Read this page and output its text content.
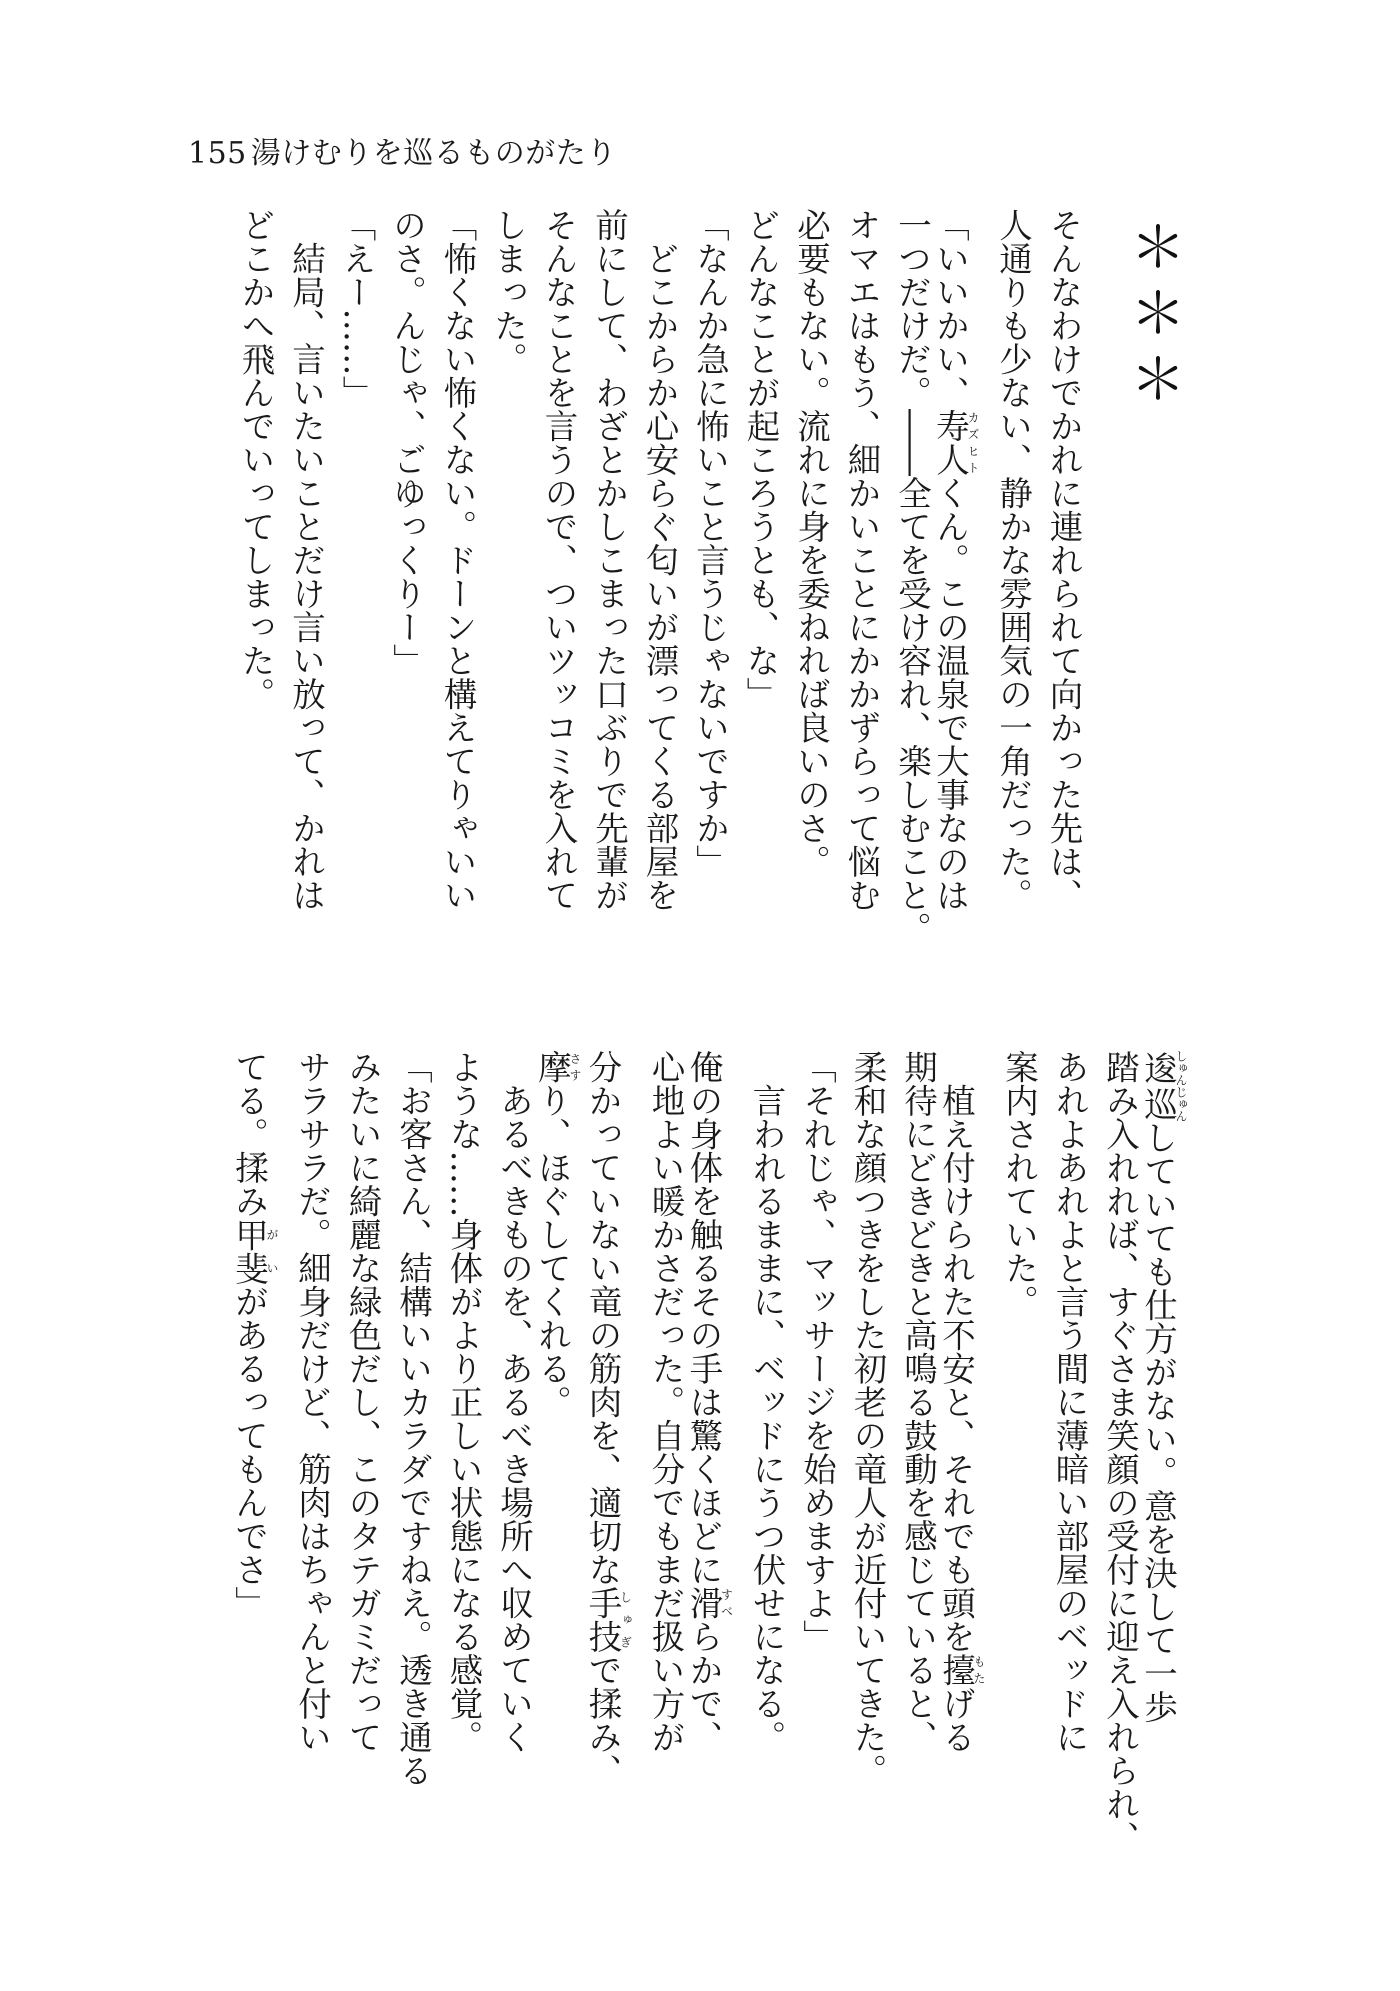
155 湯けむりを巡るものがたり
＊＊＊

そんなわけでかれに連れられて向かった先は、
人通りも少ない、静かな雰囲気の一角だった。
「いいかい、寿人カズヒトくん。この温泉で大事なのは
一つだけだ。――全てを受け容れ、楽しむこと。
オマエはもう、細かいことにかかずらって悩む
必要もない。流れに身を委ねれば良いのさ。
どんなことが起ころうとも、な」
「なんか急に怖いこと言うじゃないですか」
　どこからか心安らぐ匂いが漂ってくる部屋を
前にして、わざとかしこまった口ぶりで先輩が
そんなことを言うので、ついツッコミを入れて
しまった。
「怖くない怖くない。ドーンと構えてりゃいい
のさ。んじゃ、ごゆっくりー」
「えー……」
　結局、言いたいことだけ言い放って、かれは
どこかへ飛んでいってしまった。
逡巡しゅんじゅんしていても仕方がない。意を決して一歩
踏み入れれば、すぐさま笑顔の受付に迎え入れられ、
あれよあれよと言う間に薄暗い部屋のベッドに
案内されていた。
　植え付けられた不安と、それでも頭を擡もたげる
期待にどきどきと高鳴る鼓動を感じていると、
柔和な顔つきをした初老の竜人が近付いてきた。
「それじゃ、マッサージを始めますよ」
　言われるままに、ベッドにうつ伏せになる。
俺の身体を触るその手は驚くほどに滑すべらかで、
心地よい暖かさだった。自分でもまだ扱い方が
分かっていない竜の筋肉を、適切な手技しゅぎで揉み、
摩さすり、ほぐしてくれる。
　あるべきものを、あるべき場所へ収めていく
ような……身体がより正しい状態になる感覚。
「お客さん、結構いいカラダですねえ。透き通る
みたいに綺麗な緑色だし、このタテガミだって
サラサラだ。細身だけど、筋肉はちゃんと付い
てる。揉み甲斐がいがあるってもんでさ」
